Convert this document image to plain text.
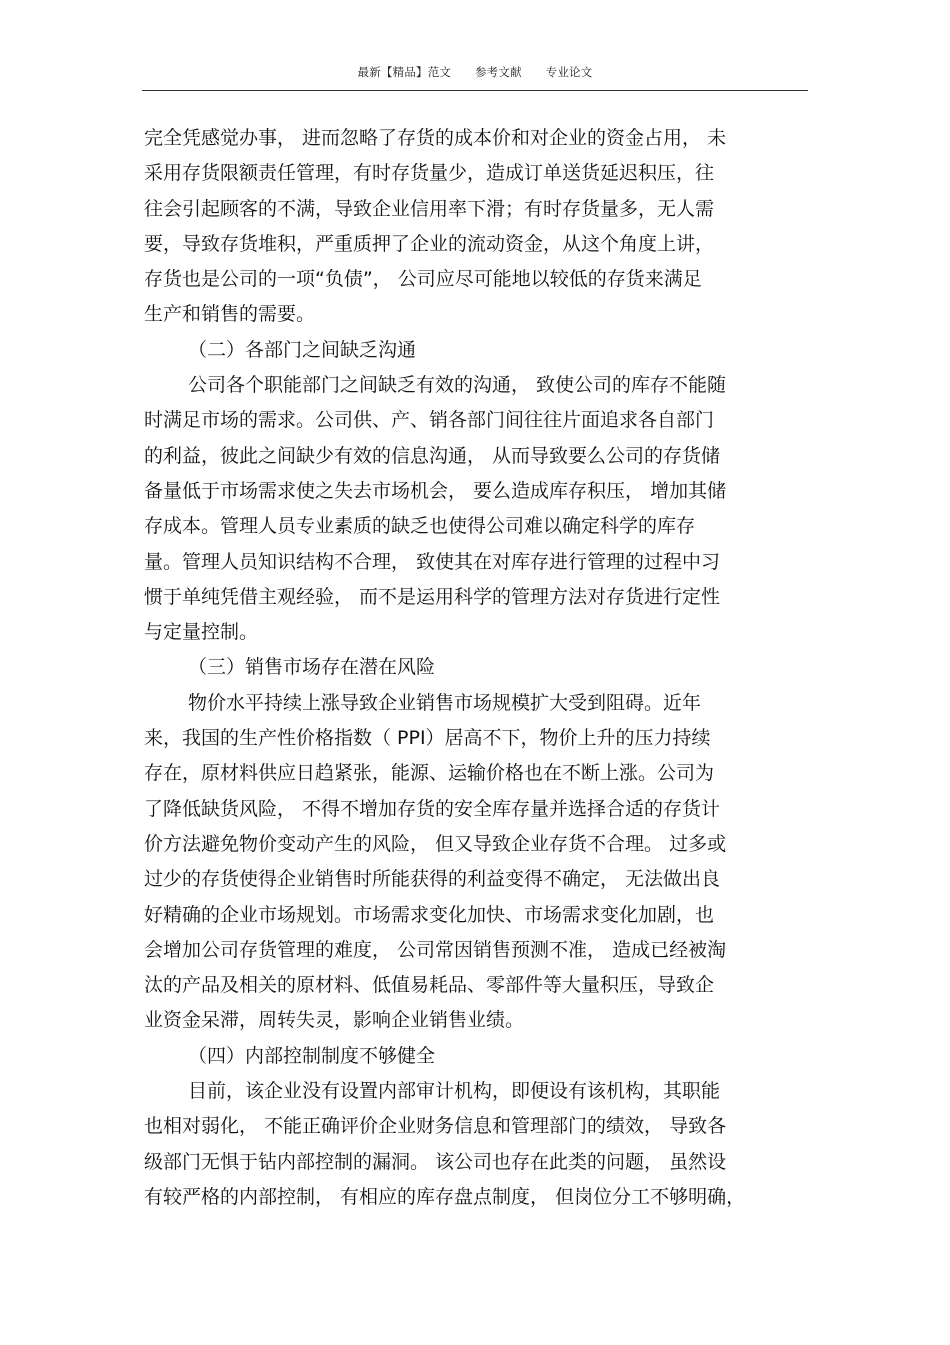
最新【精品】范文 参考文献 专业论文
完全凭感觉办事， 进而忽略了存货的成本价和对企业的资金占用， 未
采用存货限额责任管理，有时存货量少，造成订单送货延迟积压，往
往会引起顾客的不满，导致企业信用率下滑；有时存货量多，无人需
要，导致存货堆积，严重质押了企业的流动资金，从这个角度上讲，
存货也是公司的一项“负债”， 公司应尽可能地以较低的存货来满足
生产和销售的需要。
（二）各部门之间缺乏沟通
公司各个职能部门之间缺乏有效的沟通， 致使公司的库存不能随
时满足市场的需求。公司供、产、销各部门间往往片面追求各自部门
的利益，彼此之间缺少有效的信息沟通， 从而导致要么公司的存货储
备量低于市场需求使之失去市场机会， 要么造成库存积压， 增加其储
存成本。管理人员专业素质的缺乏也使得公司难以确定科学的库存
量。管理人员知识结构不合理， 致使其在对库存进行管理的过程中习
惯于单纯凭借主观经验， 而不是运用科学的管理方法对存货进行定性
与定量控制。
（三）销售市场存在潜在风险
物价水平持续上涨导致企业销售市场规模扩大受到阻碍。近年
来，我国的生产性价格指数（ PPI）居高不下，物价上升的压力持续
存在，原材料供应日趋紧张，能源、运输价格也在不断上涨。公司为
了降低缺货风险， 不得不增加存货的安全库存量并选择合适的存货计
价方法避免物价变动产生的风险， 但又导致企业存货不合理。 过多或
过少的存货使得企业销售时所能获得的利益变得不确定， 无法做出良
好精确的企业市场规划。市场需求变化加快、市场需求变化加剧，也
会增加公司存货管理的难度， 公司常因销售预测不准， 造成已经被淘
汰的产品及相关的原材料、低值易耗品、零部件等大量积压，导致企
业资金呆滞，周转失灵，影响企业销售业绩。
（四）内部控制制度不够健全
目前，该企业没有设置内部审计机构，即便设有该机构，其职能
也相对弱化， 不能正确评价企业财务信息和管理部门的绩效， 导致各
级部门无惧于钻内部控制的漏洞。 该公司也存在此类的问题， 虽然设
有较严格的内部控制， 有相应的库存盘点制度， 但岗位分工不够明确，
